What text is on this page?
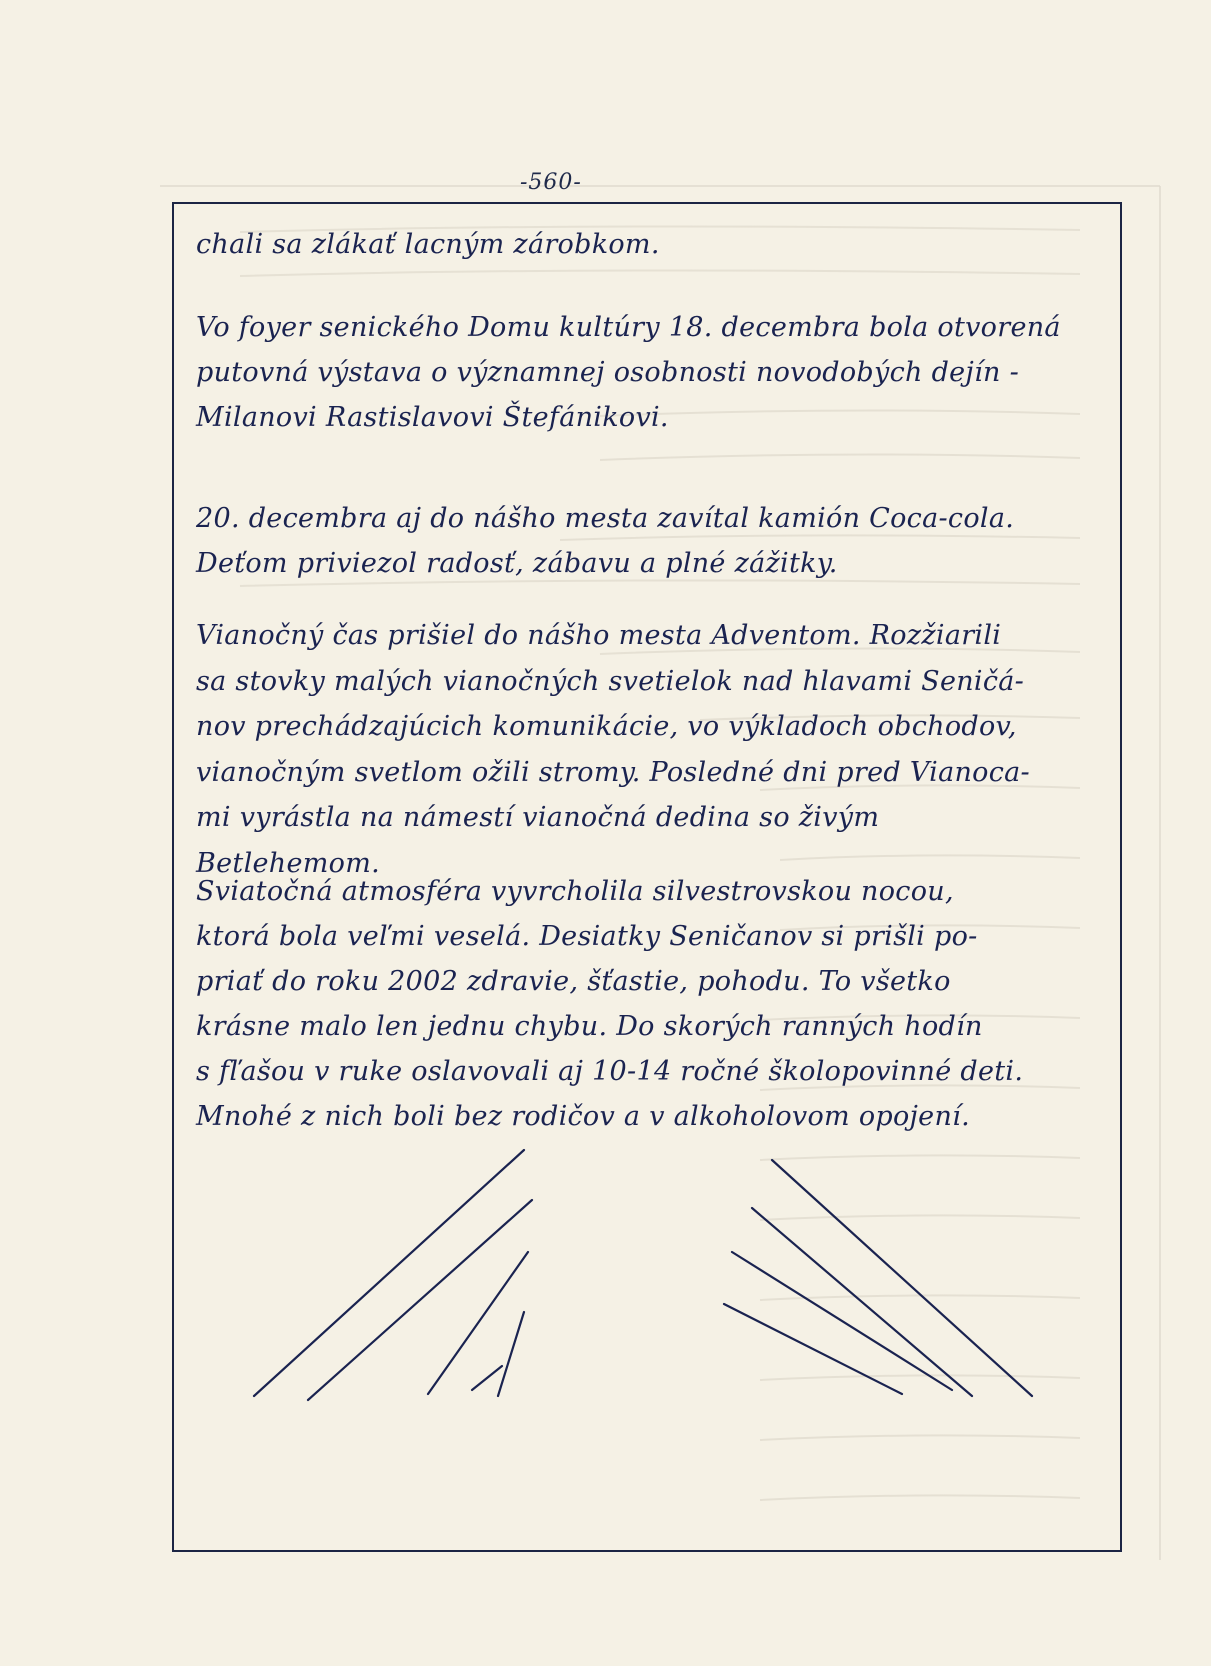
-560-
chali sa zlákať lacným zárobkom.
Vo foyer senického Domu kultúry 18. decembra bola otvorená
putovná výstava o významnej osobnosti novodobých dejín -
Milanovi Rastislavovi Štefánikovi.
20. decembra aj do nášho mesta zavítal kamión Coca-cola.
Deťom priviezol radosť, zábavu a plné zážitky.
Vianočný čas prišiel do nášho mesta Adventom. Rozžiarili
sa stovky malých vianočných svetielok nad hlavami Seničá-
nov prechádzajúcich komunikácie, vo výkladoch obchodov,
vianočným svetlom ožili stromy. Posledné dni pred Vianoca-
mi vyrástla na námestí vianočná dedina so živým
Betlehemom.
Sviatočná atmosféra vyvrcholila silvestrovskou nocou,
ktorá bola veľmi veselá. Desiatky Seničanov si prišli po-
priať do roku 2002 zdravie, šťastie, pohodu. To všetko
krásne malo len jednu chybu. Do skorých ranných hodín
s fľašou v ruke oslavovali aj 10-14 ročné školopovinné deti.
Mnohé z nich boli bez rodičov a v alkoholovom opojení.
